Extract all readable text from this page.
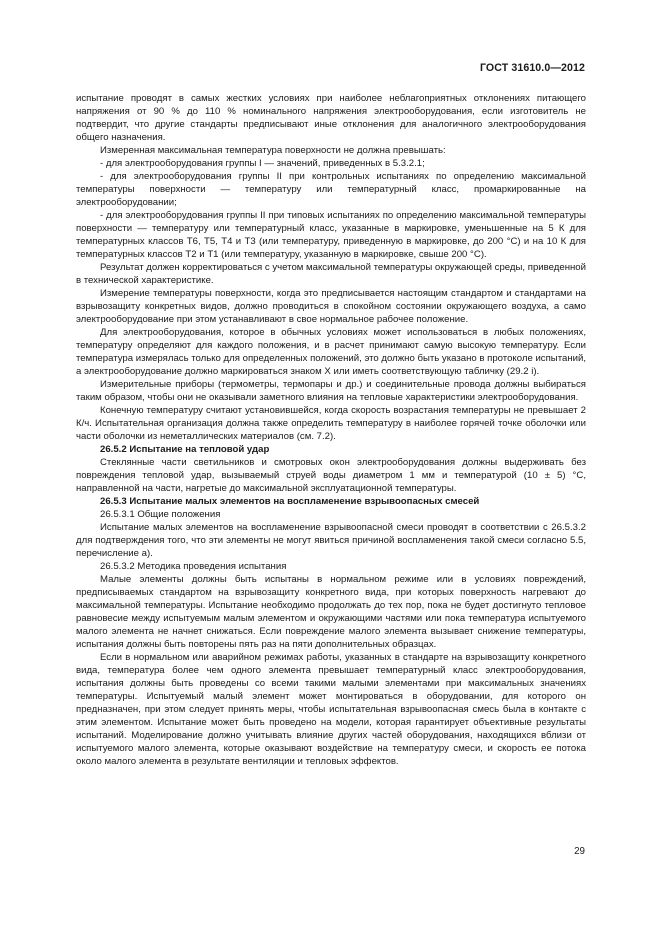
ГОСТ 31610.0—2012

испытание проводят в самых жестких условиях при наиболее неблагоприятных отклонениях питающего напряжения от 90 % до 110 % номинального напряжения электрооборудования, если изготовитель не подтвердит, что другие стандарты предписывают иные отклонения для аналогичного электрооборудования общего назначения.

Измеренная максимальная температура поверхности не должна превышать:

- для электрооборудования группы I — значений, приведенных в 5.3.2.1;

- для электрооборудования группы II при контрольных испытаниях по определению максимальной температуры поверхности — температуру или температурный класс, промаркированные на электрооборудовании;

- для электрооборудования группы II при типовых испытаниях по определению максимальной температуры поверхности — температуру или температурный класс, указанные в маркировке, уменьшенные на 5 К для температурных классов Т6, Т5, Т4 и Т3 (или температуру, приведенную в маркировке, до 200 °С) и на 10 К для температурных классов Т2 и Т1 (или температуру, указанную в маркировке, свыше 200 °С).

Результат должен корректироваться с учетом максимальной температуры окружающей среды, приведенной в технической характеристике.

Измерение температуры поверхности, когда это предписывается настоящим стандартом и стандартами на взрывозащиту конкретных видов, должно проводиться в спокойном состоянии окружающего воздуха, а само электрооборудование при этом устанавливают в свое нормальное рабочее положение.

Для электрооборудования, которое в обычных условиях может использоваться в любых положениях, температуру определяют для каждого положения, и в расчет принимают самую высокую температуру. Если температура измерялась только для определенных положений, это должно быть указано в протоколе испытаний, а электрооборудование должно маркироваться знаком X или иметь соответствующую табличку (29.2 i).

Измерительные приборы (термометры, термопары и др.) и соединительные провода должны выбираться таким образом, чтобы они не оказывали заметного влияния на тепловые характеристики электрооборудования.

Конечную температуру считают установившейся, когда скорость возрастания температуры не превышает 2 К/ч. Испытательная организация должна также определить температуру в наиболее горячей точке оболочки или части оболочки из неметаллических материалов (см. 7.2).

26.5.2 Испытание на тепловой удар

Стеклянные части светильников и смотровых окон электрооборудования должны выдерживать без повреждения тепловой удар, вызываемый струей воды диаметром 1 мм и температурой (10 ± 5) °С, направленной на части, нагретые до максимальной эксплуатационной температуры.

26.5.3 Испытание малых элементов на воспламенение взрывоопасных смесей

26.5.3.1 Общие положения

Испытание малых элементов на воспламенение взрывоопасной смеси проводят в соответствии с 26.5.3.2 для подтверждения того, что эти элементы не могут явиться причиной воспламенения такой смеси согласно 5.5, перечисление а).

26.5.3.2 Методика проведения испытания

Малые элементы должны быть испытаны в нормальном режиме или в условиях повреждений, предписываемых стандартом на взрывозащиту конкретного вида, при которых поверхность нагревают до максимальной температуры. Испытание необходимо продолжать до тех пор, пока не будет достигнуто тепловое равновесие между испытуемым малым элементом и окружающими частями или пока температура испытуемого малого элемента не начнет снижаться. Если повреждение малого элемента вызывает снижение температуры, испытания должны быть повторены пять раз на пяти дополнительных образцах.

Если в нормальном или аварийном режимах работы, указанных в стандарте на взрывозащиту конкретного вида, температура более чем одного элемента превышает температурный класс электрооборудования, испытания должны быть проведены со всеми такими малыми элементами при максимальных значениях температуры. Испытуемый малый элемент может монтироваться в оборудовании, для которого он предназначен, при этом следует принять меры, чтобы испытательная взрывоопасная смесь была в контакте с этим элементом. Испытание может быть проведено на модели, которая гарантирует объективные результаты испытаний. Моделирование должно учитывать влияние других частей оборудования, находящихся вблизи от испытуемого малого элемента, которые оказывают воздействие на температуру смеси, и скорость ее потока около малого элемента в результате вентиляции и тепловых эффектов.

29
